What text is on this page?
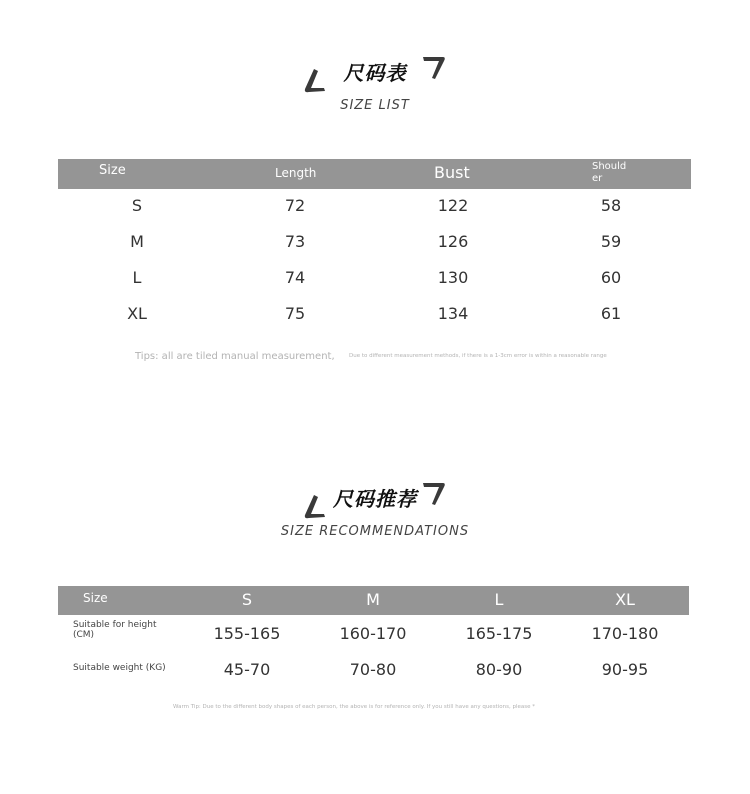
尺码表
SIZE LIST
Size	Length	Bust	Should
er
S	72	122	58
M	73	126	59
L	74	130	60
XL	75	134	61
Tips: all are tiled manual measurement,	Due to different measurement methods, if there is a 1-3cm error is within a reasonable range
尺码推荐
SIZE RECOMMENDATIONS
Size	S	M	L	XL
Suitable for height
(CM)	155-165	160-170	165-175	170-180
Suitable weight (KG)	45-70	70-80	80-90	90-95
Warm Tip: Due to the different body shapes of each person, the above is for reference only. If you still have any questions, please *
